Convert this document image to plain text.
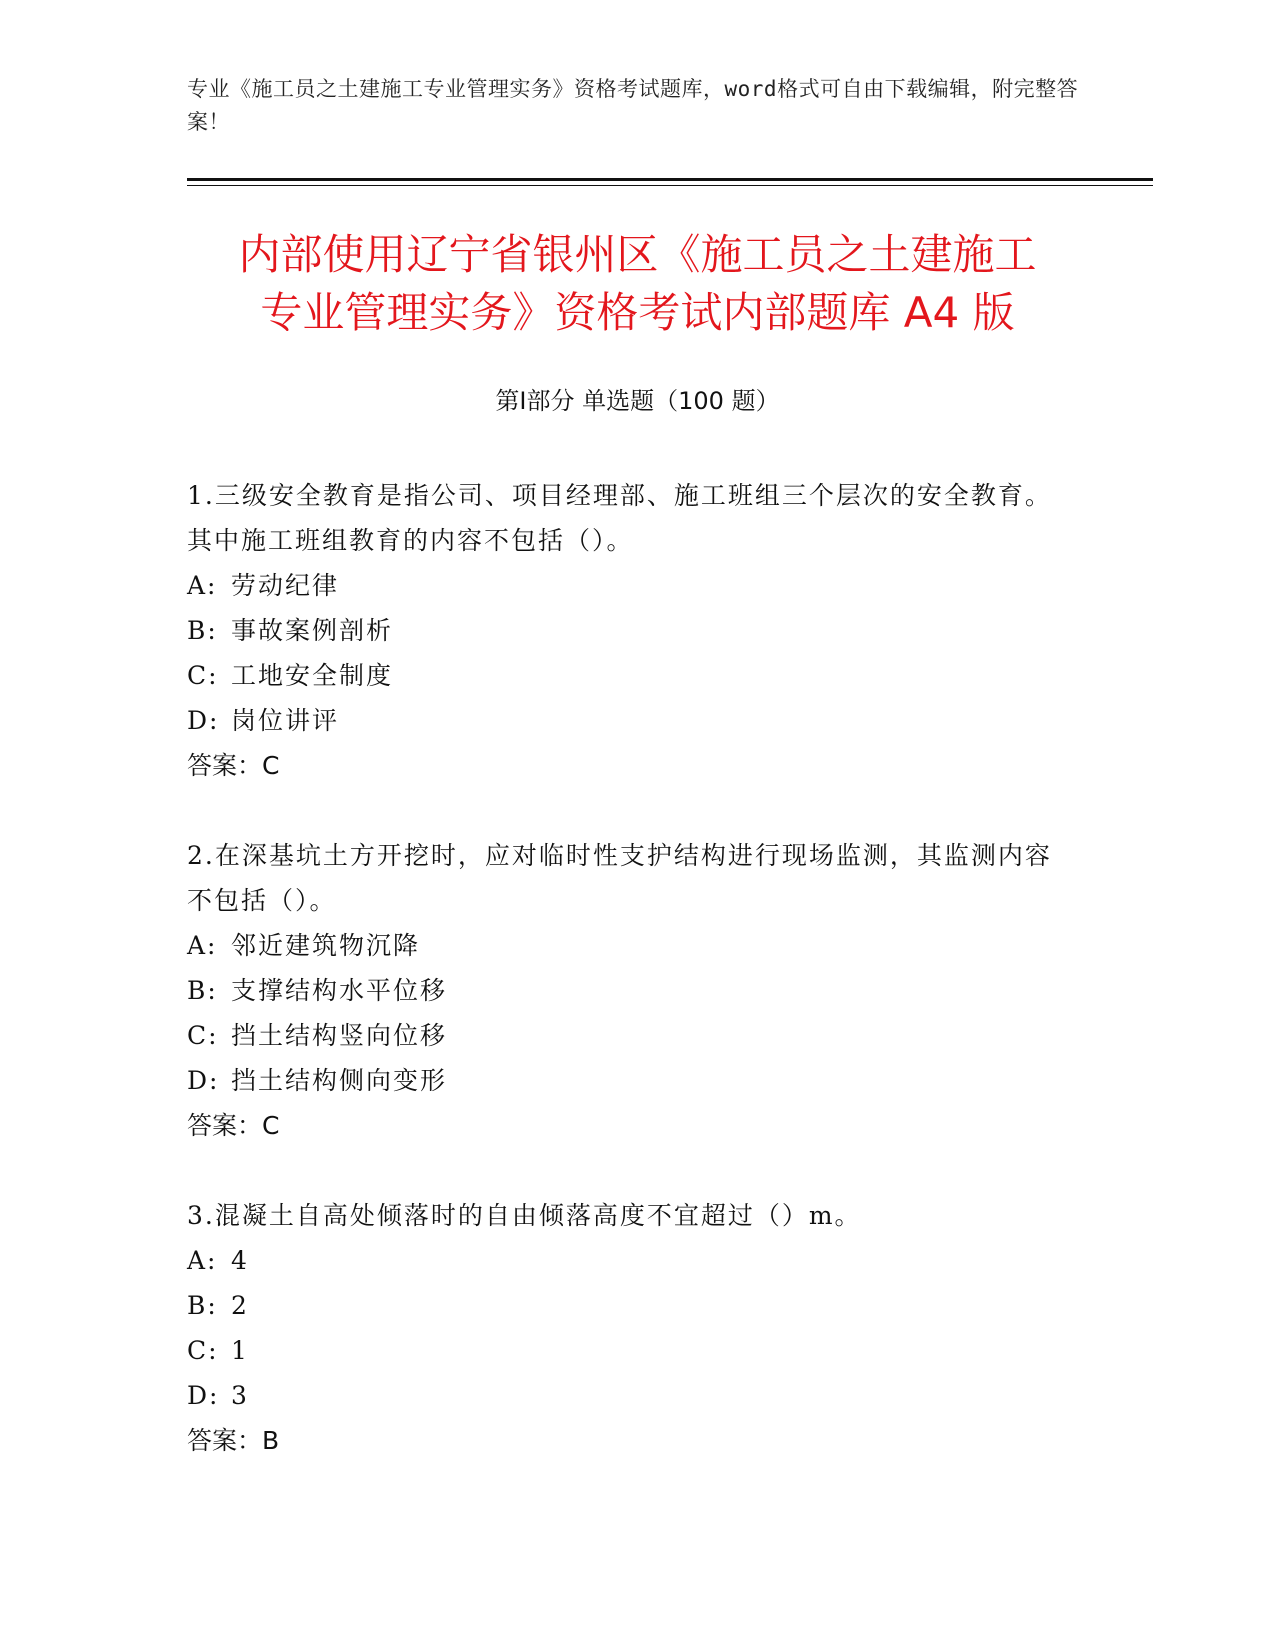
专业《施工员之土建施工专业管理实务》资格考试题库，word格式可自由下载编辑，附完整答案！
内部使用辽宁省银州区《施工员之土建施工
专业管理实务》资格考试内部题库 A4 版
第Ⅰ部分 单选题（100 题）

1.三级安全教育是指公司、项目经理部、施工班组三个层次的安全教育。其中施工班组教育的内容不包括（）。

A: 劳动纪律

B: 事故案例剖析

C: 工地安全制度

D: 岗位讲评

答案：C

2.在深基坑土方开挖时，应对临时性支护结构进行现场监测，其监测内容不包括（）。

A: 邻近建筑物沉降

B: 支撑结构水平位移

C: 挡土结构竖向位移

D: 挡土结构侧向变形

答案：C

3.混凝土自高处倾落时的自由倾落高度不宜超过（）m。

A: 4

B: 2

C: 1

D: 3

答案：B
